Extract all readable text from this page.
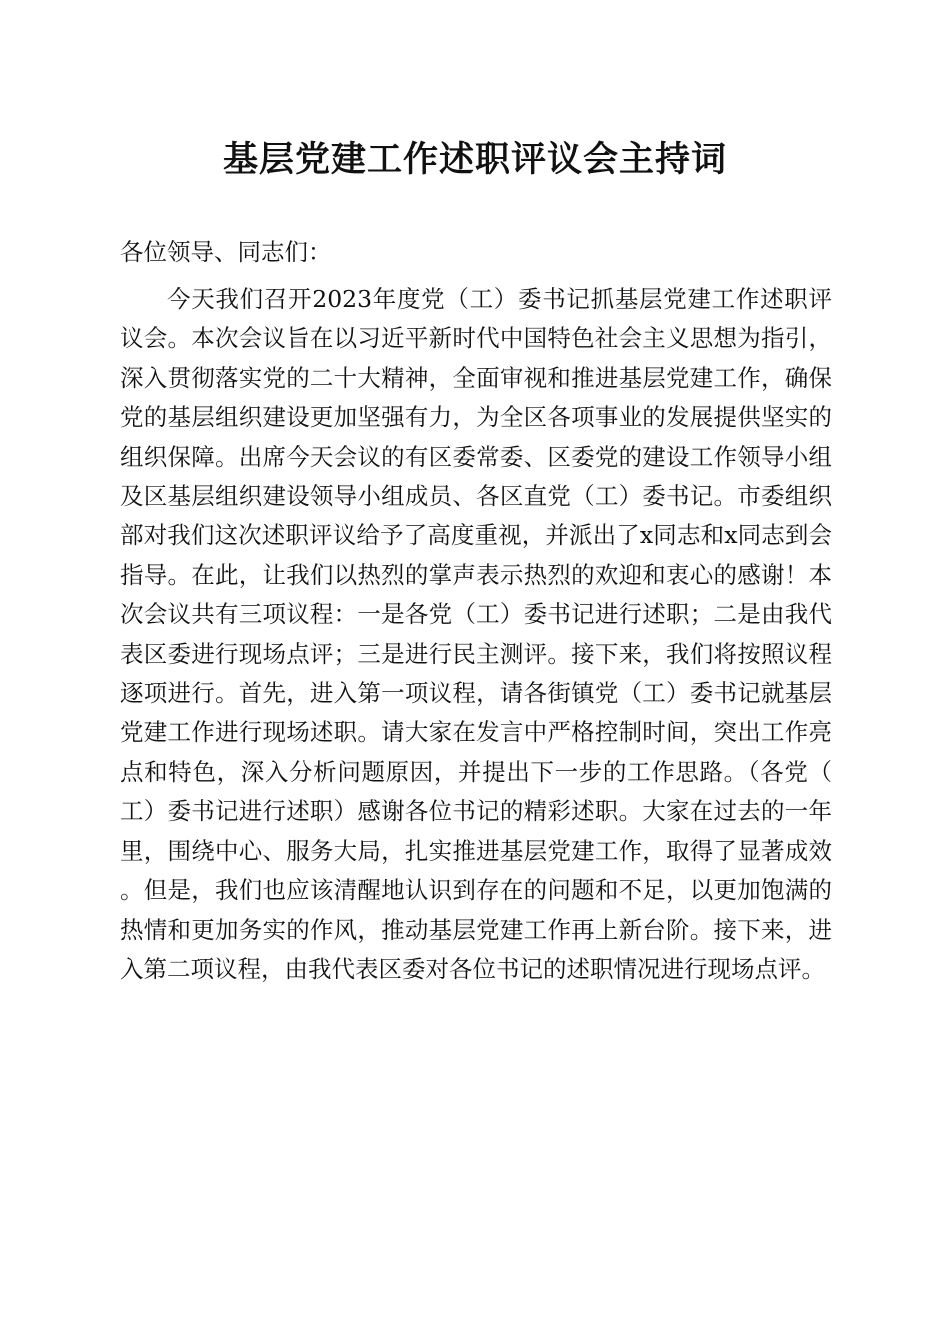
基层党建工作述职评议会主持词
各位领导、同志们：

今天我们召开2023年度党（工）委书记抓基层党建工作述职评议会。本次会议旨在以习近平新时代中国特色社会主义思想为指引，深入贯彻落实党的二十大精神，全面审视和推进基层党建工作，确保党的基层组织建设更加坚强有力，为全区各项事业的发展提供坚实的组织保障。出席今天会议的有区委常委、区委党的建设工作领导小组及区基层组织建设领导小组成员、各区直党（工）委书记。市委组织部对我们这次述职评议给予了高度重视，并派出了x同志和x同志到会指导。在此，让我们以热烈的掌声表示热烈的欢迎和衷心的感谢！本次会议共有三项议程：一是各党（工）委书记进行述职；二是由我代表区委进行现场点评；三是进行民主测评。接下来，我们将按照议程逐项进行。首先，进入第一项议程，请各街镇党（工）委书记就基层党建工作进行现场述职。请大家在发言中严格控制时间，突出工作亮点和特色，深入分析问题原因，并提出下一步的工作思路。（各党（工）委书记进行述职）感谢各位书记的精彩述职。大家在过去的一年里，围绕中心、服务大局，扎实推进基层党建工作，取得了显著成效。但是，我们也应该清醒地认识到存在的问题和不足，以更加饱满的热情和更加务实的作风，推动基层党建工作再上新台阶。接下来，进入第二项议程，由我代表区委对各位书记的述职情况进行现场点评。
